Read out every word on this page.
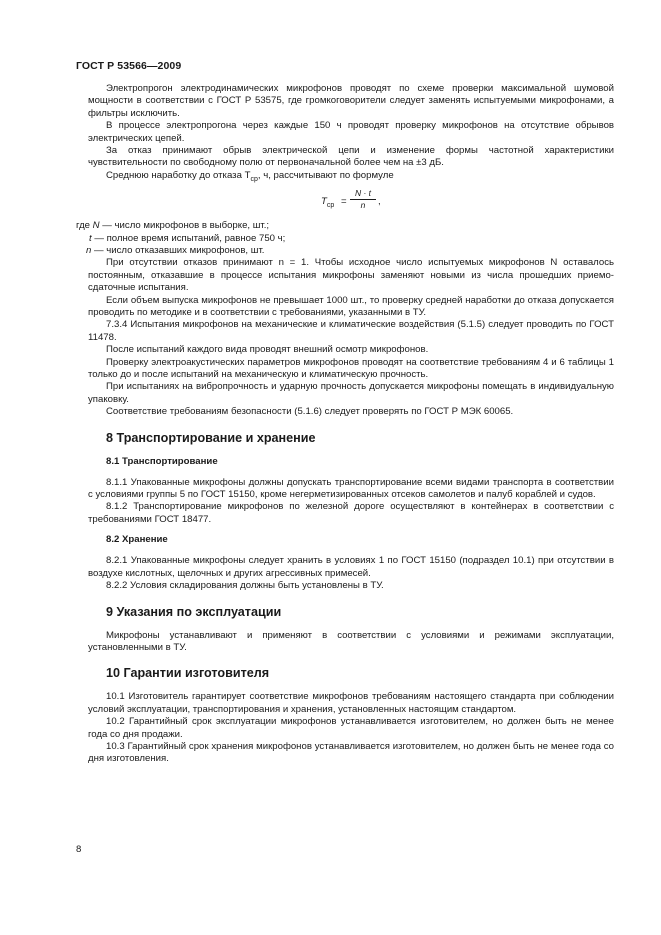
ГОСТ Р 53566—2009

Электропрогон электродинамических микрофонов проводят по схеме проверки максимальной шумовой мощности в соответствии с ГОСТ Р 53575, где громкоговорители следует заменять испытуемыми микрофонами, а фильтры исключить.

В процессе электропрогона через каждые 150 ч проводят проверку микрофонов на отсутствие обрывов электрических цепей.

За отказ принимают обрыв электрической цепи и изменение формы частотной характеристики чувствительности по свободному полю от первоначальной более чем на ±3 дБ.

Среднюю наработку до отказа $T_{ср}$, ч, рассчитывают по формуле

$T_{ср} = \frac{N \cdot t}{n}$ ,

где N — число микрофонов в выборке, шт.;

t — полное время испытаний, равное 750 ч;

n — число отказавших микрофонов, шт.

При отсутствии отказов принимают n = 1. Чтобы исходное число испытуемых микрофонов N оставалось постоянным, отказавшие в процессе испытания микрофоны заменяют новыми из числа прошедших приемо-сдаточные испытания.

Если объем выпуска микрофонов не превышает 1000 шт., то проверку средней наработки до отказа допускается проводить по методике и в соответствии с требованиями, указанными в ТУ.

7.3.4 Испытания микрофонов на механические и климатические воздействия (5.1.5) следует проводить по ГОСТ 11478.

После испытаний каждого вида проводят внешний осмотр микрофонов.

Проверку электроакустических параметров микрофонов проводят на соответствие требованиям 4 и 6 таблицы 1 только до и после испытаний на механическую и климатическую прочность.

При испытаниях на вибропрочность и ударную прочность допускается микрофоны помещать в индивидуальную упаковку.

Соответствие требованиям безопасности (5.1.6) следует проверять по ГОСТ Р МЭК 60065.

8 Транспортирование и хранение
8.1 Транспортирование

8.1.1 Упакованные микрофоны должны допускать транспортирование всеми видами транспорта в соответствии с условиями группы 5 по ГОСТ 15150, кроме негерметизированных отсеков самолетов и палуб кораблей и судов.

8.1.2 Транспортирование микрофонов по железной дороге осуществляют в контейнерах в соответствии с требованиями ГОСТ 18477.

8.2 Хранение

8.2.1 Упакованные микрофоны следует хранить в условиях 1 по ГОСТ 15150 (подраздел 10.1) при отсутствии в воздухе кислотных, щелочных и других агрессивных примесей.

8.2.2 Условия складирования должны быть установлены в ТУ.

9 Указания по эксплуатации

Микрофоны устанавливают и применяют в соответствии с условиями и режимами эксплуатации, установленными в ТУ.

10 Гарантии изготовителя

10.1 Изготовитель гарантирует соответствие микрофонов требованиям настоящего стандарта при соблюдении условий эксплуатации, транспортирования и хранения, установленных настоящим стандартом.

10.2 Гарантийный срок эксплуатации микрофонов устанавливается изготовителем, но должен быть не менее года со дня продажи.

10.3 Гарантийный срок хранения микрофонов устанавливается изготовителем, но должен быть не менее года со дня изготовления.

8
